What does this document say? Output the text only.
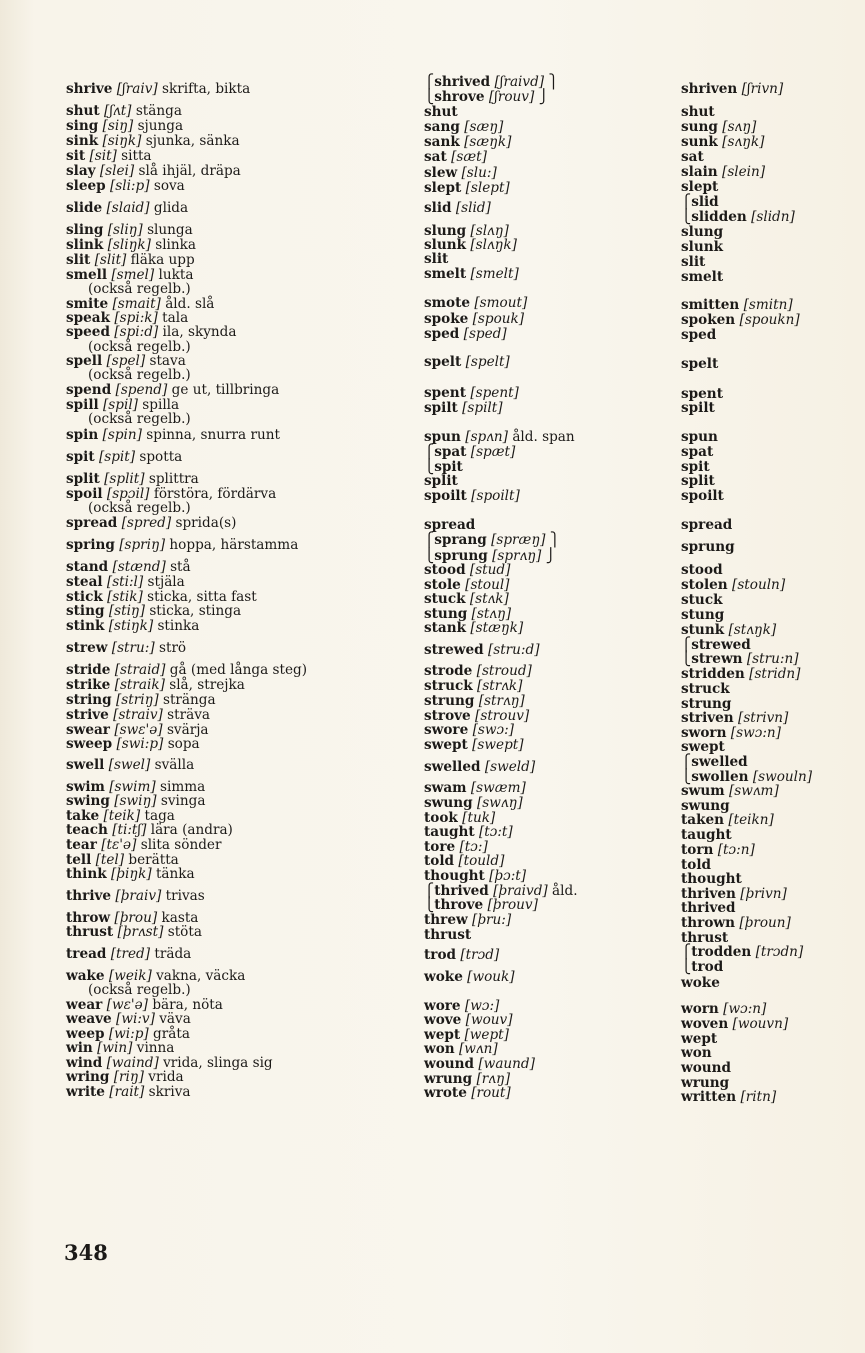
shrive [ʃraiv] skrifta, bikta
shut [ʃʌt] stänga
sing [siŋ] sjunga
sink [siŋk] sjunka, sänka
sit [sit] sitta
slay [slei] slå ihjäl, dräpa
sleep [sli:p] sova
slide [slaid] glida
sling [sliŋ] slunga
slink [sliŋk] slinka
slit [slit] fläka upp
smell [smel] lukta
(också regelb.)
smite [smait] åld. slå
speak [spi:k] tala
speed [spi:d] ila, skynda
(också regelb.)
spell [spel] stava
(också regelb.)
spend [spend] ge ut, tillbringa
spill [spil] spilla
(också regelb.)
spin [spin] spinna, snurra runt
spit [spit] spotta
split [split] splittra
spoil [spɔil] förstöra, fördärva
(också regelb.)
spread [spred] sprida(s)
spring [spriŋ] hoppa, härstamma
stand [stænd] stå
steal [sti:l] stjäla
stick [stik] sticka, sitta fast
sting [stiŋ] sticka, stinga
stink [stiŋk] stinka
strew [stru:] strö
stride [straid] gå (med långa steg)
strike [straik] slå, strejka
string [striŋ] stränga
strive [straiv] sträva
swear [swɛ'ə] svärja
sweep [swi:p] sopa
swell [swel] svälla
swim [swim] simma
swing [swiŋ] svinga
take [teik] taga
teach [ti:tʃ] lära (andra)
tear [tɛ'ə] slita sönder
tell [tel] berätta
think [þiŋk] tänka
thrive [þraiv] trivas
throw [þrou] kasta
thrust [þrʌst] stöta
tread [tred] träda
wake [weik] vakna, väcka
(också regelb.)
wear [wɛ'ə] bära, nöta
weave [wi:v] väva
weep [wi:p] gråta
win [win] vinna
wind [waind] vrida, slinga sig
wring [riŋ] vrida
write [rait] skriva
⎧shrived [ʃraivd] ⎫
⎩shrove [ʃrouv] ⎭
shut
sang [sæŋ]
sank [sæŋk]
sat [sæt]
slew [slu:]
slept [slept]
slid [slid]
slung [slʌŋ]
slunk [slʌŋk]
slit
smelt [smelt]
smote [smout]
spoke [spouk]
sped [sped]
spelt [spelt]
spent [spent]
spilt [spilt]
spun [spʌn] åld. span
⎧spat [spæt]
⎩spit
split
spoilt [spoilt]
spread
⎧sprang [spræŋ] ⎫
⎩sprung [sprʌŋ] ⎭
stood [stud]
stole [stoul]
stuck [stʌk]
stung [stʌŋ]
stank [stæŋk]
strewed [stru:d]
strode [stroud]
struck [strʌk]
strung [strʌŋ]
strove [strouv]
swore [swɔ:]
swept [swept]
swelled [sweld]
swam [swæm]
swung [swʌŋ]
took [tuk]
taught [tɔ:t]
tore [tɔ:]
told [tould]
thought [þɔ:t]
⎧thrived [þraivd] åld.
⎩throve [þrouv]
threw [þru:]
thrust
trod [trɔd]
woke [wouk]
wore [wɔ:]
wove [wouv]
wept [wept]
won [wʌn]
wound [waund]
wrung [rʌŋ]
wrote [rout]
shriven [ʃrivn]
shut
sung [sʌŋ]
sunk [sʌŋk]
sat
slain [slein]
slept
⎧slid
⎩slidden [slidn]
slung
slunk
slit
smelt
smitten [smitn]
spoken [spoukn]
sped
spelt
spent
spilt
spun
spat
spit
split
spoilt
spread
sprung
stood
stolen [stouln]
stuck
stung
stunk [stʌŋk]
⎧strewed
⎩strewn [stru:n]
stridden [stridn]
struck
strung
striven [strivn]
sworn [swɔ:n]
swept
⎧swelled
⎩swollen [swouln]
swum [swʌm]
swung
taken [teikn]
taught
torn [tɔ:n]
told
thought
thriven [þrivn]
thrived
thrown [þroun]
thrust
⎧trodden [trɔdn]
⎩trod
woke
worn [wɔ:n]
woven [wouvn]
wept
won
wound
wrung
written [ritn]
348
